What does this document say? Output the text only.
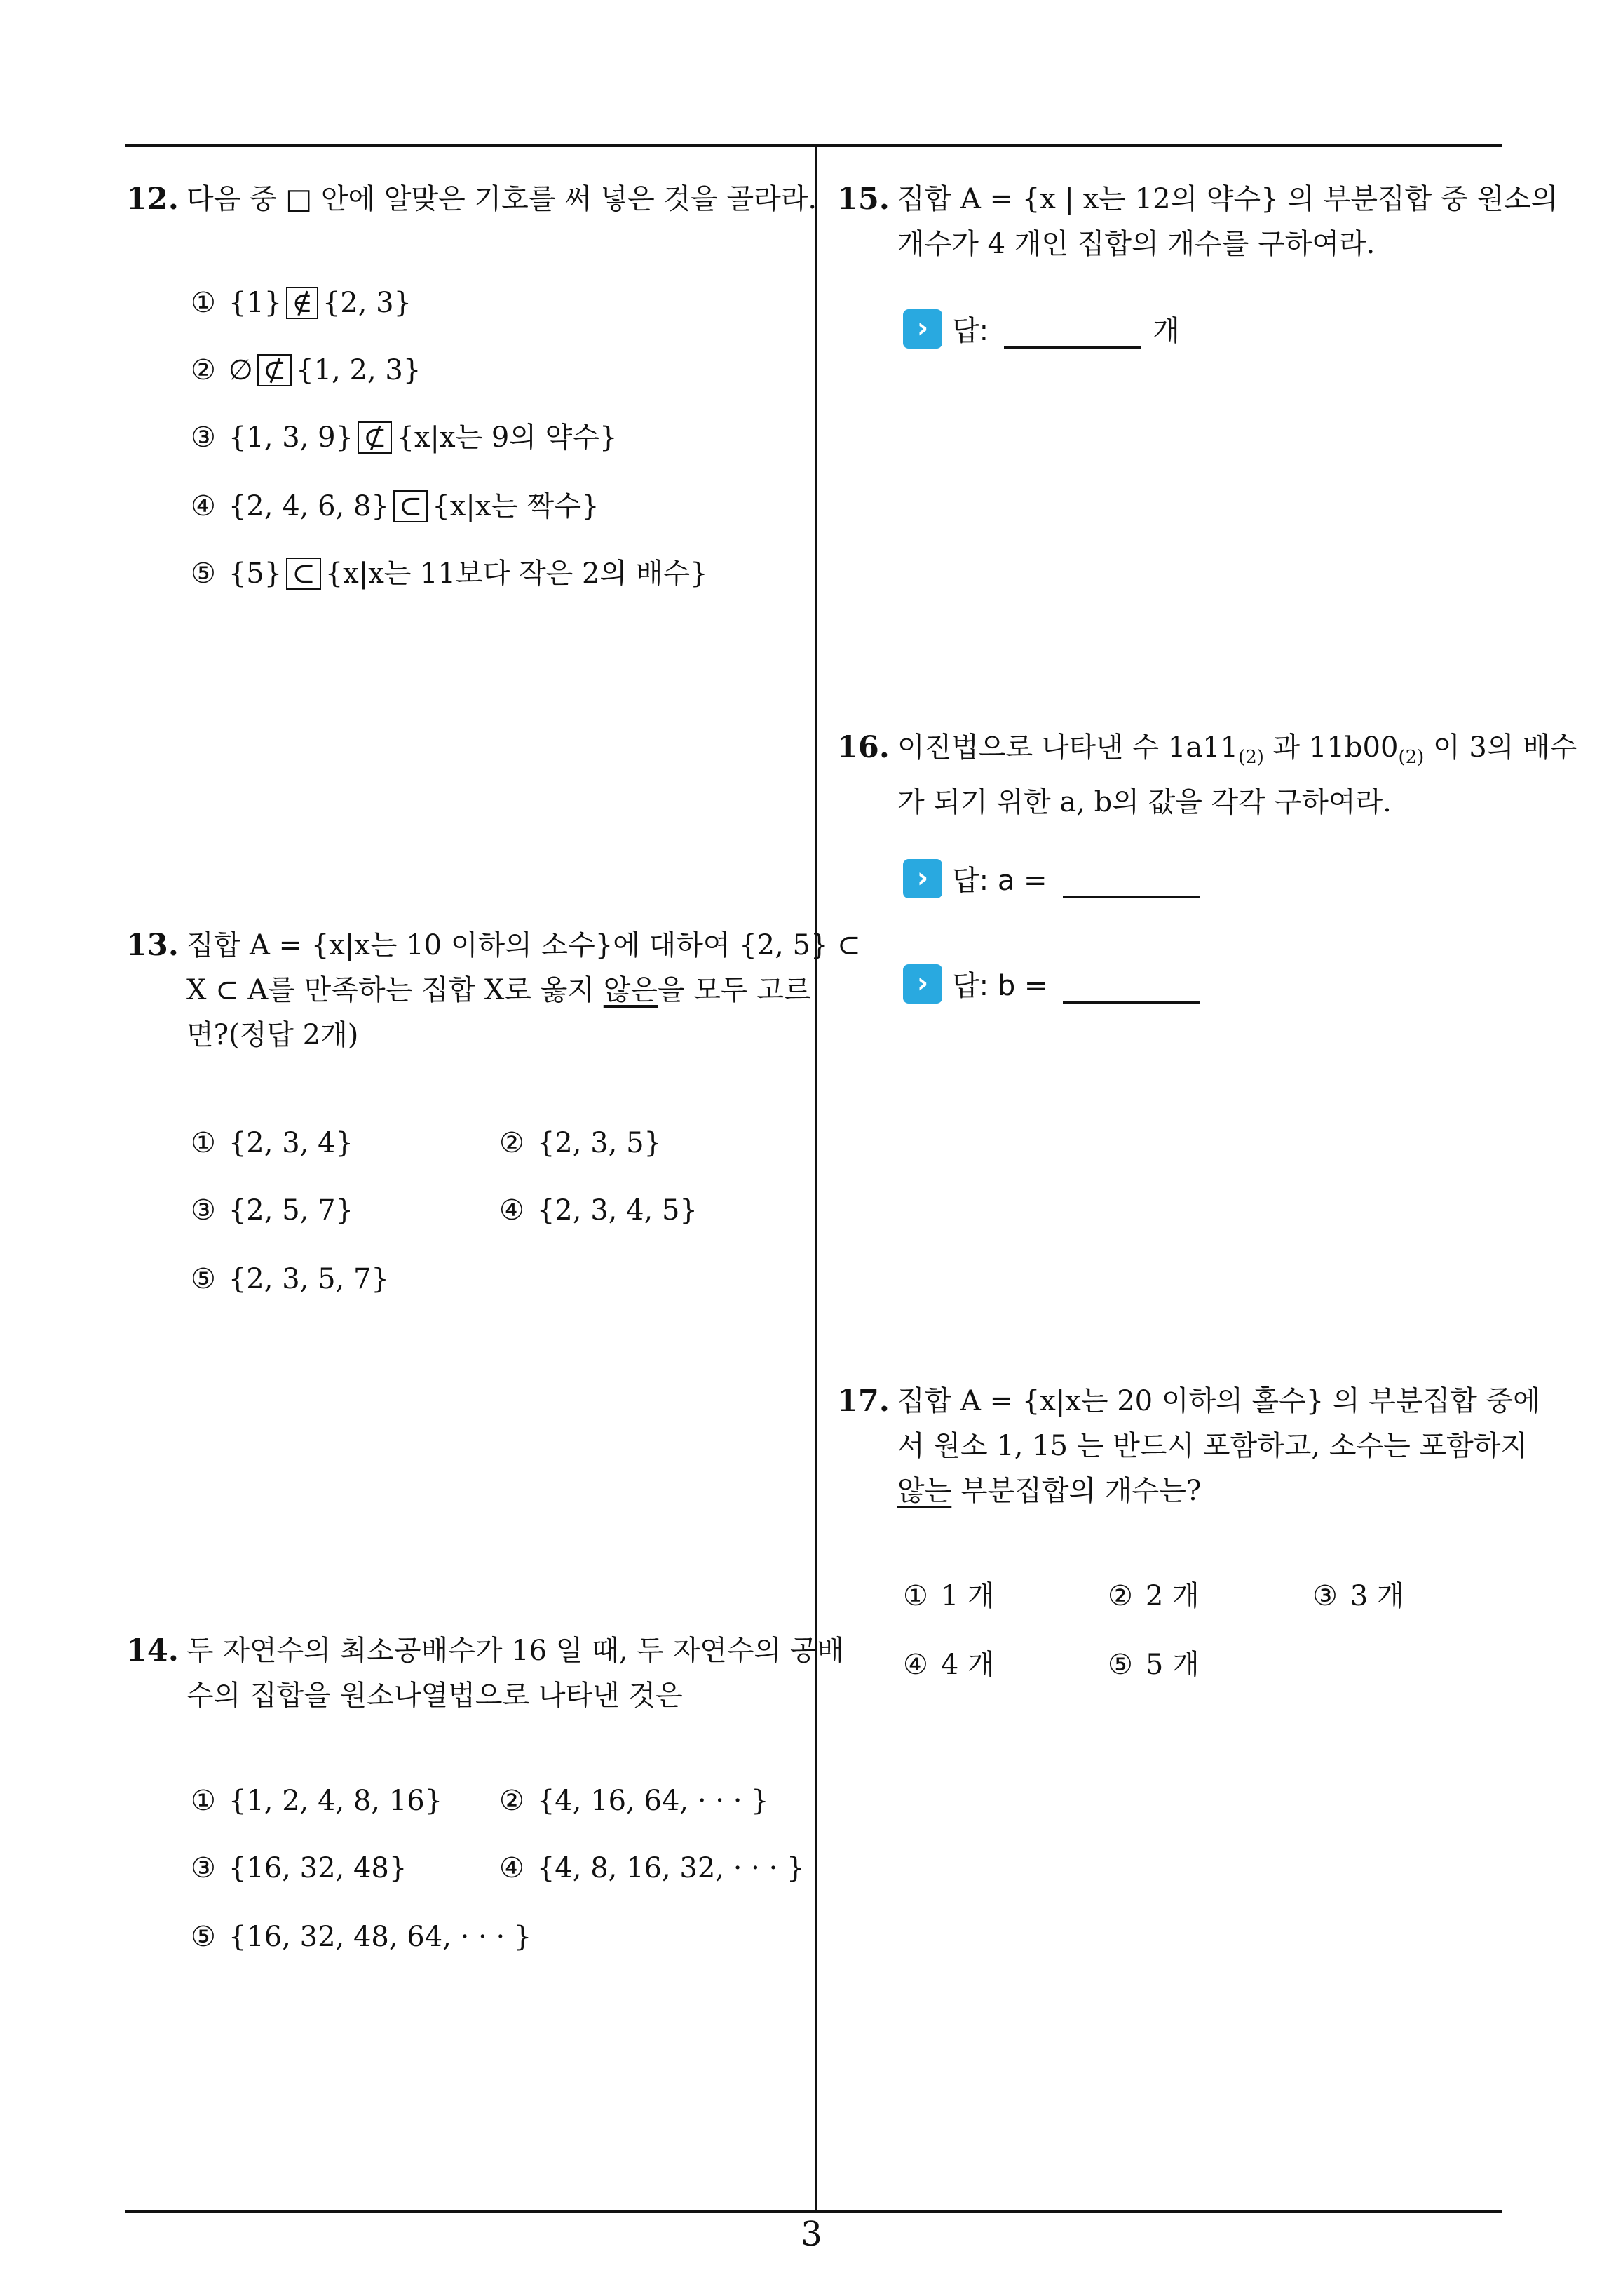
12. 다음 중 □ 안에 알맞은 기호를 써 넣은 것을 골라라.
① {1} ∉ {2, 3}
② ∅ ⊄ {1, 2, 3}
③ {1, 3, 9} ⊄ {x|x는 9의 약수}
④ {2, 4, 6, 8} ⊂ {x|x는 짝수}
⑤ {5} ⊂ {x|x는 11보다 작은 2의 배수}
13. 집합 A = {x|x는 10 이하의 소수}에 대하여 {2, 5} ⊂
X ⊂ A를 만족하는 집합 X로 옳지 않은을 모두 고르
면?(정답 2개)
① {2, 3, 4}	② {2, 3, 5}
③ {2, 5, 7}	④ {2, 3, 4, 5}
⑤ {2, 3, 5, 7}
14. 두 자연수의 최소공배수가 16 일 때, 두 자연수의 공배
수의 집합을 원소나열법으로 나타낸 것은
① {1, 2, 4, 8, 16} ② {4, 16, 64, · · · }
③ {16, 32, 48}	④ {4, 8, 16, 32, · · · }
⑤ {16, 32, 48, 64, · · · }
15. 집합 A = {x | x는 12의 약수} 의 부분집합 중 원소의
개수가 4 개인 집합의 개수를 구하여라.
› 답:	개
16. 이진법으로 나타낸 수 $1a11_{(2)}$ 과 $11b00_{(2)}$ 이 3의 배수
가 되기 위한 a, b의 값을 각각 구하여라.
› 답: a =
› 답: b =
17. 집합 A = {x|x는 20 이하의 홀수} 의 부분집합 중에
서 원소 1, 15 는 반드시 포함하고, 소수는 포함하지
않는 부분집합의 개수는?
① 1 개	② 2 개	③ 3 개
④ 4 개	⑤ 5 개
3
